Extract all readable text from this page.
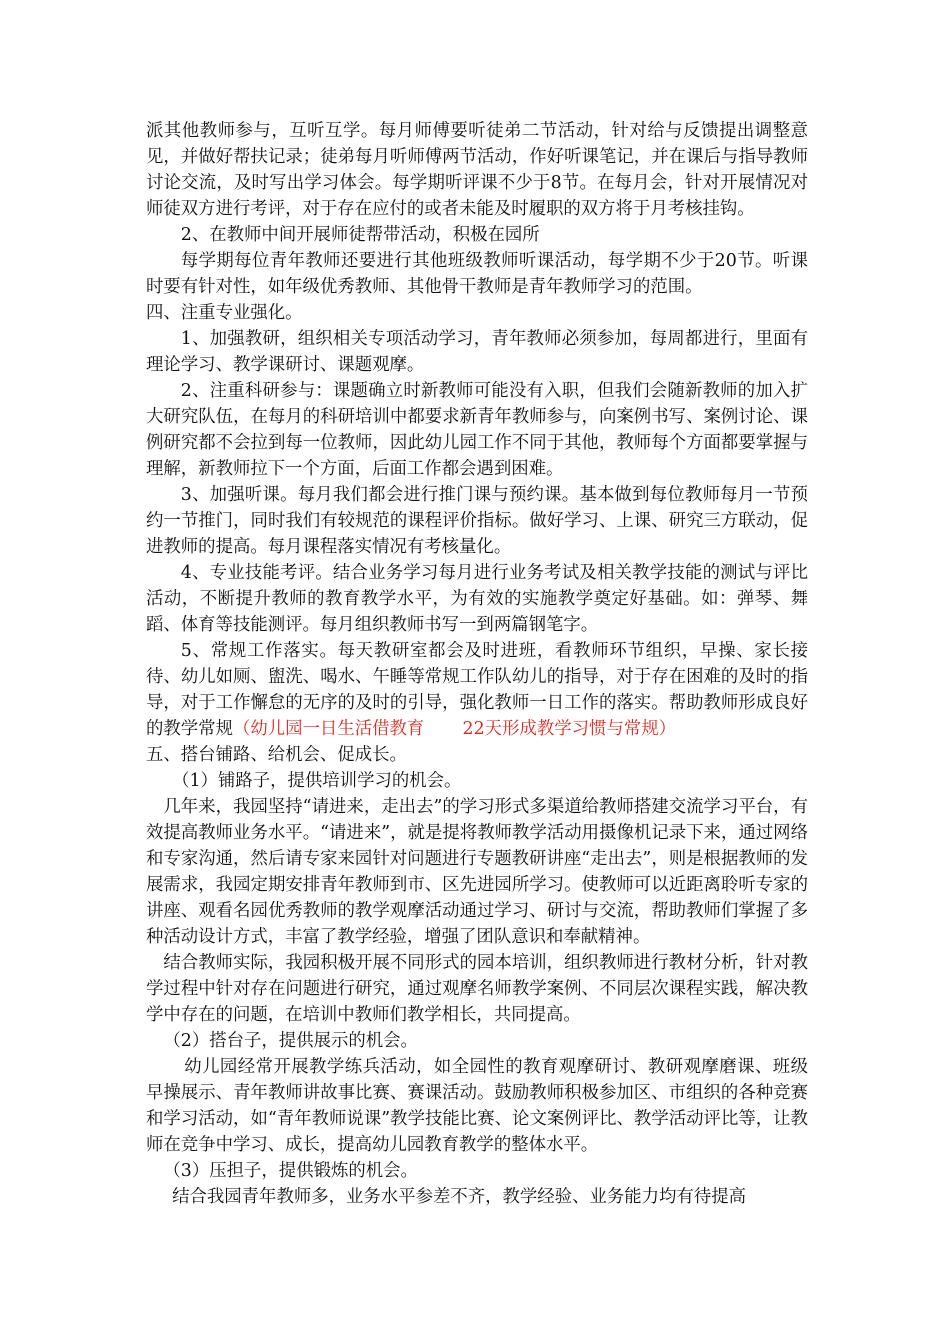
派其他教师参与，互听互学。每月师傅要听徒弟二节活动，针对给与反馈提出调整意见，并做好帮扶记录；徒弟每月听师傅两节活动，作好听课笔记，并在课后与指导教师讨论交流，及时写出学习体会。每学期听评课不少于8节。在每月会，针对开展情况对师徒双方进行考评，对于存在应付的或者未能及时履职的双方将于月考核挂钩。

2、在教师中间开展师徒帮带活动，积极在园所

每学期每位青年教师还要进行其他班级教师听课活动，每学期不少于20节。听课时要有针对性，如年级优秀教师、其他骨干教师是青年教师学习的范围。

四、注重专业强化。

1、加强教研，组织相关专项活动学习，青年教师必须参加，每周都进行，里面有理论学习、教学课研讨、课题观摩。

2、注重科研参与：课题确立时新教师可能没有入职，但我们会随新教师的加入扩大研究队伍，在每月的科研培训中都要求新青年教师参与，向案例书写、案例讨论、课例研究都不会拉到每一位教师，因此幼儿园工作不同于其他，教师每个方面都要掌握与理解，新教师拉下一个方面，后面工作都会遇到困难。

3、加强听课。每月我们都会进行推门课与预约课。基本做到每位教师每月一节预约一节推门，同时我们有较规范的课程评价指标。做好学习、上课、研究三方联动，促进教师的提高。每月课程落实情况有考核量化。

4、专业技能考评。结合业务学习每月进行业务考试及相关教学技能的测试与评比活动，不断提升教师的教育教学水平，为有效的实施教学奠定好基础。如：弹琴、舞蹈、体育等技能测评。每月组织教师书写一到两篇钢笔字。

5、常规工作落实。每天教研室都会及时进班，看教师环节组织，早操、家长接待、幼儿如厕、盥洗、喝水、午睡等常规工作队幼儿的指导，对于存在困难的及时的指导，对于工作懈怠的无序的及时的引导，强化教师一日工作的落实。帮助教师形成良好的教学常规（幼儿园一日生活借教育 22天形成教学习惯与常规）

五、搭台铺路、给机会、促成长。

（1）铺路子，提供培训学习的机会。

几年来，我园坚持“请进来，走出去”的学习形式多渠道给教师搭建交流学习平台，有效提高教师业务水平。“请进来”，就是提将教师教学活动用摄像机记录下来，通过网络和专家沟通，然后请专家来园针对问题进行专题教研讲座“走出去”，则是根据教师的发展需求，我园定期安排青年教师到市、区先进园所学习。使教师可以近距离聆听专家的讲座、观看名园优秀教师的教学观摩活动通过学习、研讨与交流，帮助教师们掌握了多种活动设计方式，丰富了教学经验，增强了团队意识和奉献精神。

结合教师实际，我园积极开展不同形式的园本培训，组织教师进行教材分析，针对教学过程中针对存在问题进行研究，通过观摩名师教学案例、不同层次课程实践，解决教学中存在的问题，在培训中教师们教学相长，共同提高。

（2）搭台子，提供展示的机会。

幼儿园经常开展教学练兵活动，如全园性的教育观摩研讨、教研观摩磨课、班级早操展示、青年教师讲故事比赛、赛课活动。鼓励教师积极参加区、市组织的各种竞赛和学习活动，如“青年教师说课”教学技能比赛、论文案例评比、教学活动评比等，让教师在竞争中学习、成长，提高幼儿园教育教学的整体水平。

（3）压担子，提供锻炼的机会。

结合我园青年教师多，业务水平参差不齐，教学经验、业务能力均有待提高
